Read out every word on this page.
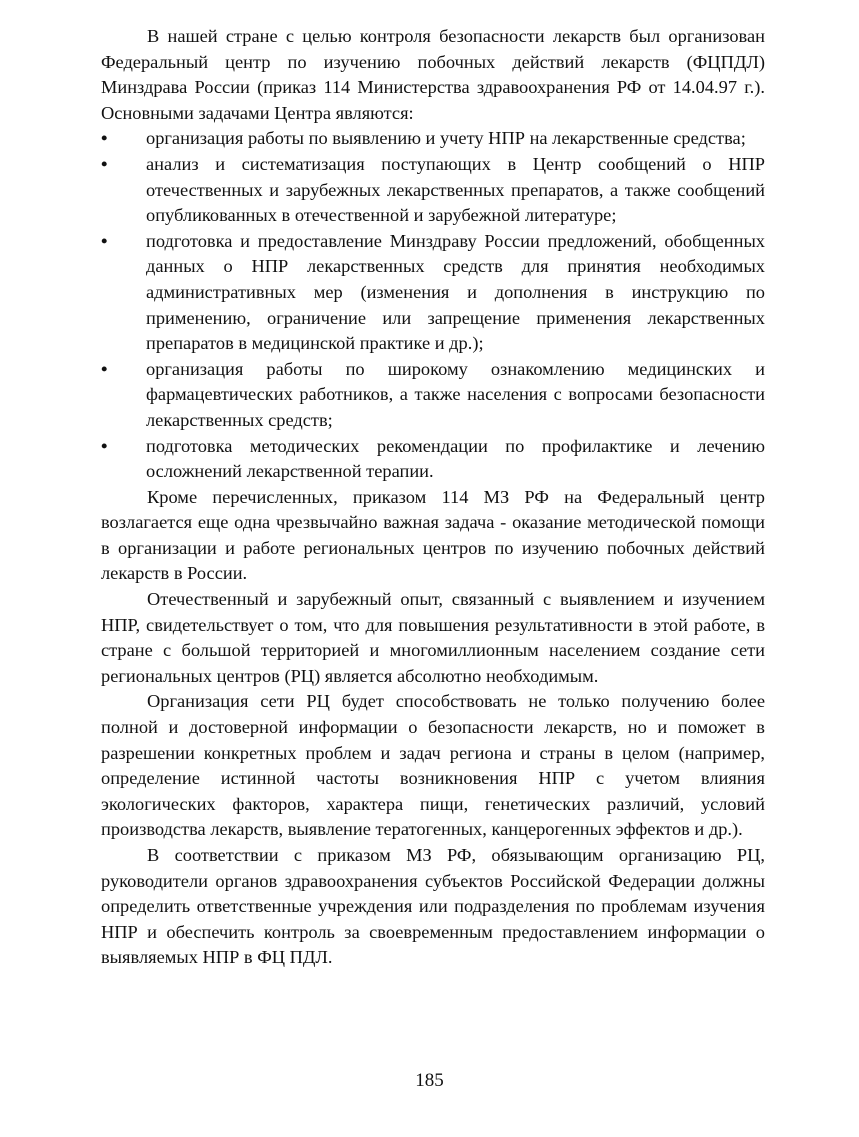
В нашей стране с целью контроля безопасности лекарств был организован Федеральный центр по изучению побочных действий лекарств (ФЦПДЛ) Минздрава России (приказ 114 Министерства здравоохранения РФ от 14.04.97 г.). Основными задачами Центра являются:

• организация работы по выявлению и учету НПР на лекарственные средства;
• анализ и систематизация поступающих в Центр сообщений о НПР отечественных и зарубежных лекарственных препаратов, а также сообщений опубликованных в отечественной и зарубежной литературе;
• подготовка и предоставление Минздраву России предложений, обобщенных данных о НПР лекарственных средств для принятия необходимых административных мер (изменения и дополнения в инструкцию по применению, ограничение или запрещение применения лекарственных препаратов в медицинской практике и др.);
• организация работы по широкому ознакомлению медицинских и фармацевтических работников, а также населения с вопросами безопасности лекарственных средств;
• подготовка методических рекомендации по профилактике и лечению осложнений лекарственной терапии.

Кроме перечисленных, приказом 114 МЗ РФ на Федеральный центр возлагается еще одна чрезвычайно важная задача - оказание методической помощи в организации и работе региональных центров по изучению побочных действий лекарств в России.

Отечественный и зарубежный опыт, связанный с выявлением и изучением НПР, свидетельствует о том, что для повышения результативности в этой работе, в стране с большой территорией и многомиллионным населением создание сети региональных центров (РЦ) является абсолютно необходимым.

Организация сети РЦ будет способствовать не только получению более полной и достоверной информации о безопасности лекарств, но и поможет в разрешении конкретных проблем и задач региона и страны в целом (например, определение истинной частоты возникновения НПР с учетом влияния экологических факторов, характера пищи, генетических различий, условий производства лекарств, выявление тератогенных, канцерогенных эффектов и др.).

В соответствии с приказом МЗ РФ, обязывающим организацию РЦ, руководители органов здравоохранения субъектов Российской Федерации должны определить ответственные учреждения или подразделения по проблемам изучения НПР и обеспечить контроль за своевременным предоставлением информации о выявляемых НПР в ФЦ ПДЛ.

185
